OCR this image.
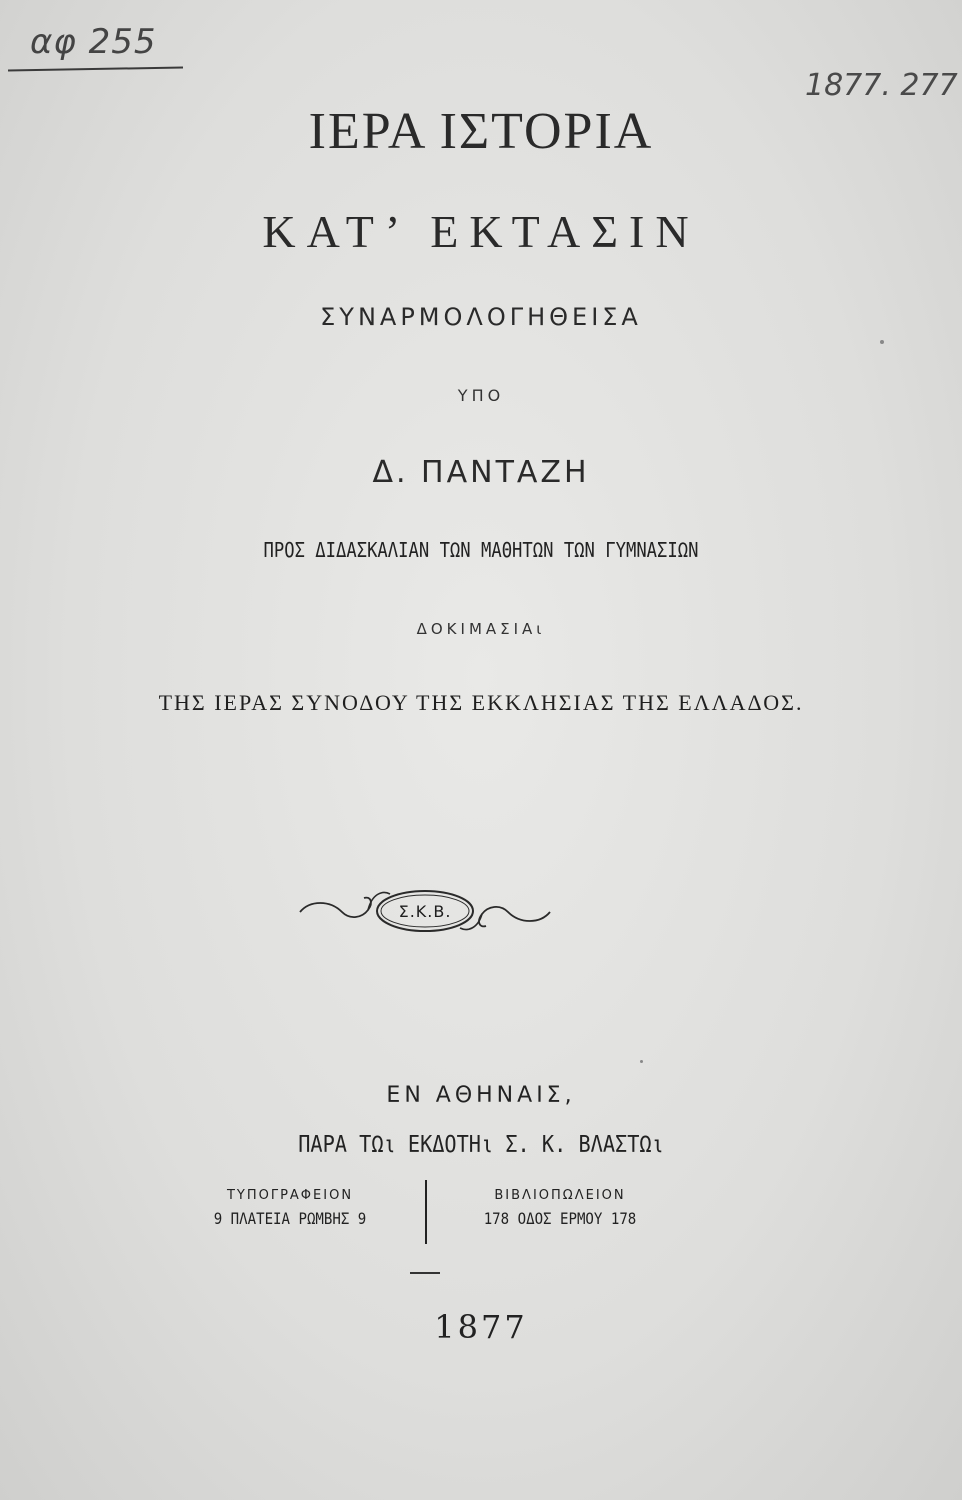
αφ 255
1877. 277
ΙΕΡΑ ΙΣΤΟΡΙΑ
ΚΑΤ’ ΕΚΤΑΣΙΝ
ΣΥΝΑΡΜΟΛΟΓΗΘΕΙΣΑ
ΥΠΟ
Δ. ΠΑΝΤΑΖΗ
ΠΡΟΣ ΔΙΔΑΣΚΑΛΙΑΝ ΤΩΝ ΜΑΘΗΤΩΝ ΤΩΝ ΓΥΜΝΑΣΙΩΝ
ΔΟΚΙΜΑΣΙΑι
ΤΗΣ ΙΕΡΑΣ ΣΥΝΟΔΟΥ ΤΗΣ ΕΚΚΛΗΣΙΑΣ ΤΗΣ ΕΛΛΑΔΟΣ.
Σ.Κ.Β.
ΕΝ ΑΘΗΝΑΙΣ,
ΠΑΡΑ ΤΩι ΕΚΔΟΤΗι Σ. Κ. ΒΛΑΣΤΩι
ΤΥΠΟΓΡΑΦΕΙΟΝ
9 ΠΛΑΤΕΙΑ ΡΩΜΒΗΣ 9
ΒΙΒΛΙΟΠΩΛΕΙΟΝ
178 ΟΔΟΣ ΕΡΜΟΥ 178
1877
